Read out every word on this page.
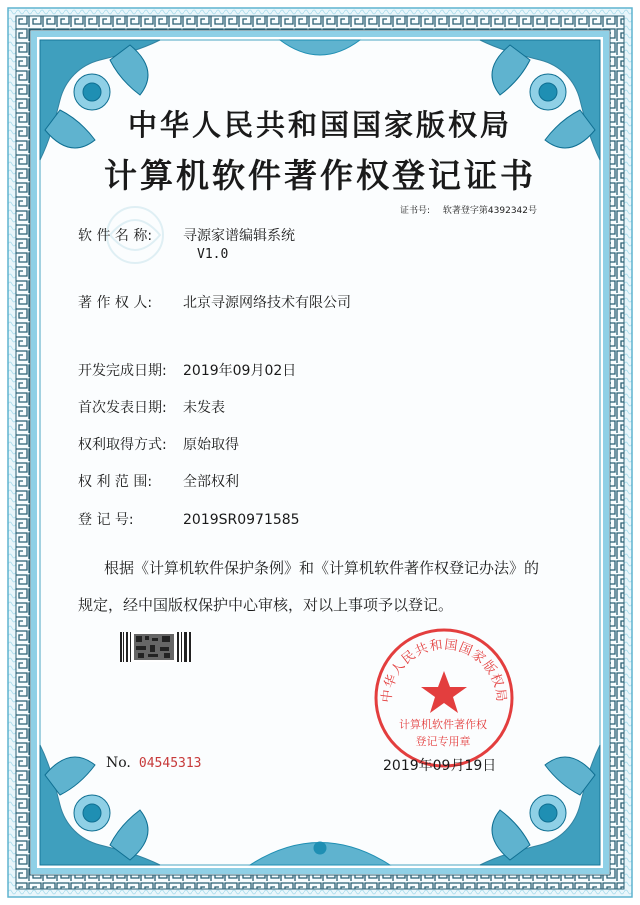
中华人民共和国国家版权局
计算机软件著作权登记证书
证书号: 软著登字第4392342号
软 件 名 称: 寻源家谱编辑系统
V1.0
著 作 权 人: 北京寻源网络技术有限公司
开发完成日期: 2019年09月02日
首次发表日期: 未发表
权利取得方式: 原始取得
权 利 范 围: 全部权利
登 记 号:	2019SR0971585
根据《计算机软件保护条例》和《计算机软件著作权登记办法》的
规定，经中国版权保护中心审核，对以上事项予以登记。
中华人民共和国国家版权局
计算机软件著作权
登记专用章
No. 04545313	2019年09月19日
